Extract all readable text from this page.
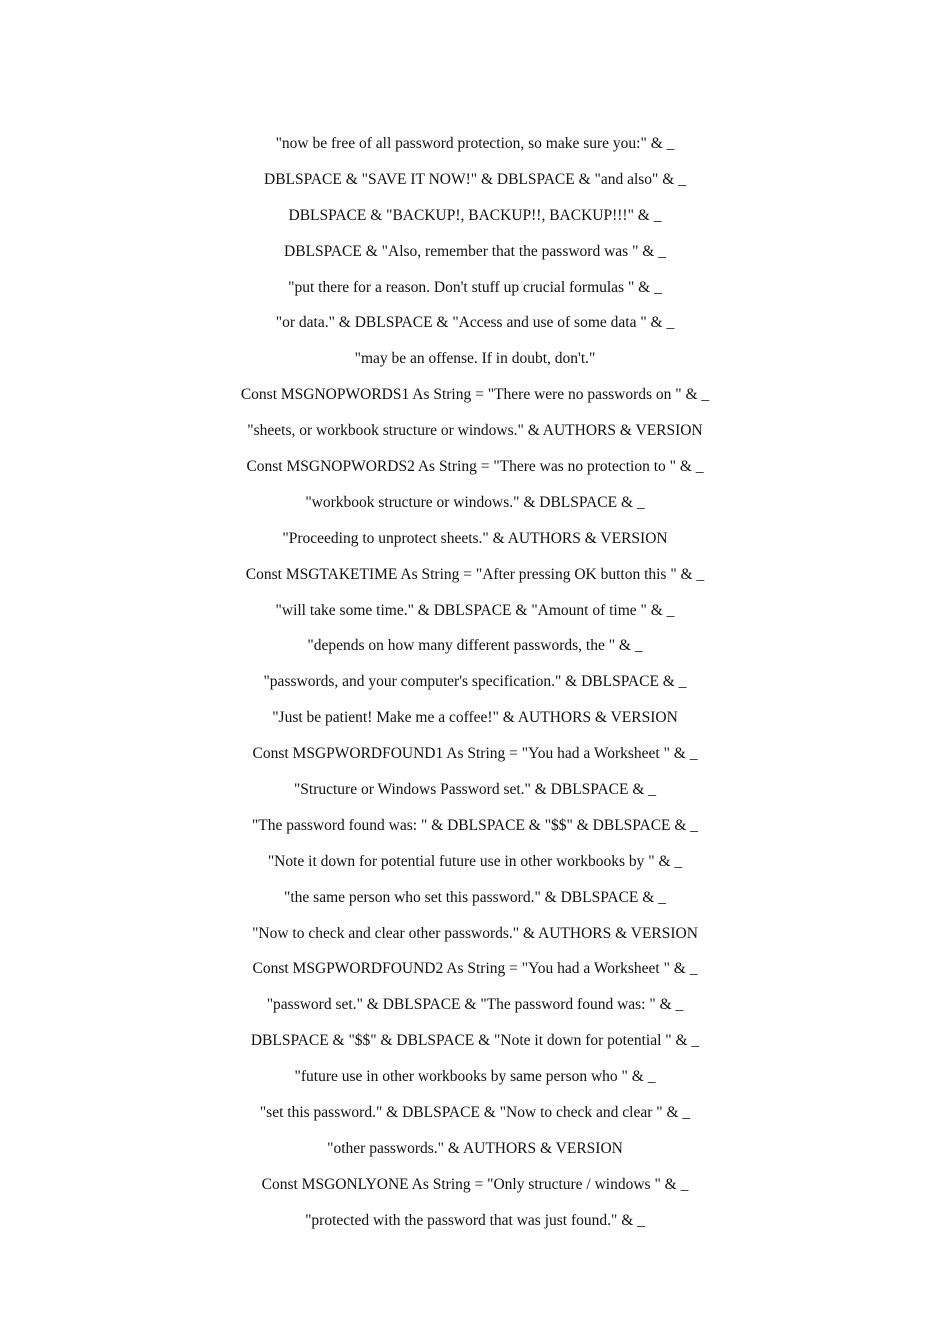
"now be free of all password protection, so make sure you:" & _
DBLSPACE & "SAVE IT NOW!" & DBLSPACE & "and also" & _
DBLSPACE & "BACKUP!, BACKUP!!, BACKUP!!!" & _
DBLSPACE & "Also, remember that the password was " & _
"put there for a reason. Don't stuff up crucial formulas " & _
"or data." & DBLSPACE & "Access and use of some data " & _
"may be an offense. If in doubt, don't."
Const MSGNOPWORDS1 As String = "There were no passwords on " & _
"sheets, or workbook structure or windows." & AUTHORS & VERSION
Const MSGNOPWORDS2 As String = "There was no protection to " & _
"workbook structure or windows." & DBLSPACE & _
"Proceeding to unprotect sheets." & AUTHORS & VERSION
Const MSGTAKETIME As String = "After pressing OK button this " & _
"will take some time." & DBLSPACE & "Amount of time " & _
"depends on how many different passwords, the " & _
"passwords, and your computer's specification." & DBLSPACE & _
"Just be patient! Make me a coffee!" & AUTHORS & VERSION
Const MSGPWORDFOUND1 As String = "You had a Worksheet " & _
"Structure or Windows Password set." & DBLSPACE & _
"The password found was: " & DBLSPACE & "$$" & DBLSPACE & _
"Note it down for potential future use in other workbooks by " & _
"the same person who set this password." & DBLSPACE & _
"Now to check and clear other passwords." & AUTHORS & VERSION
Const MSGPWORDFOUND2 As String = "You had a Worksheet " & _
"password set." & DBLSPACE & "The password found was: " & _
DBLSPACE & "$$" & DBLSPACE & "Note it down for potential " & _
"future use in other workbooks by same person who " & _
"set this password." & DBLSPACE & "Now to check and clear " & _
"other passwords." & AUTHORS & VERSION
Const MSGONLYONE As String = "Only structure / windows " & _
"protected with the password that was just found." & _
